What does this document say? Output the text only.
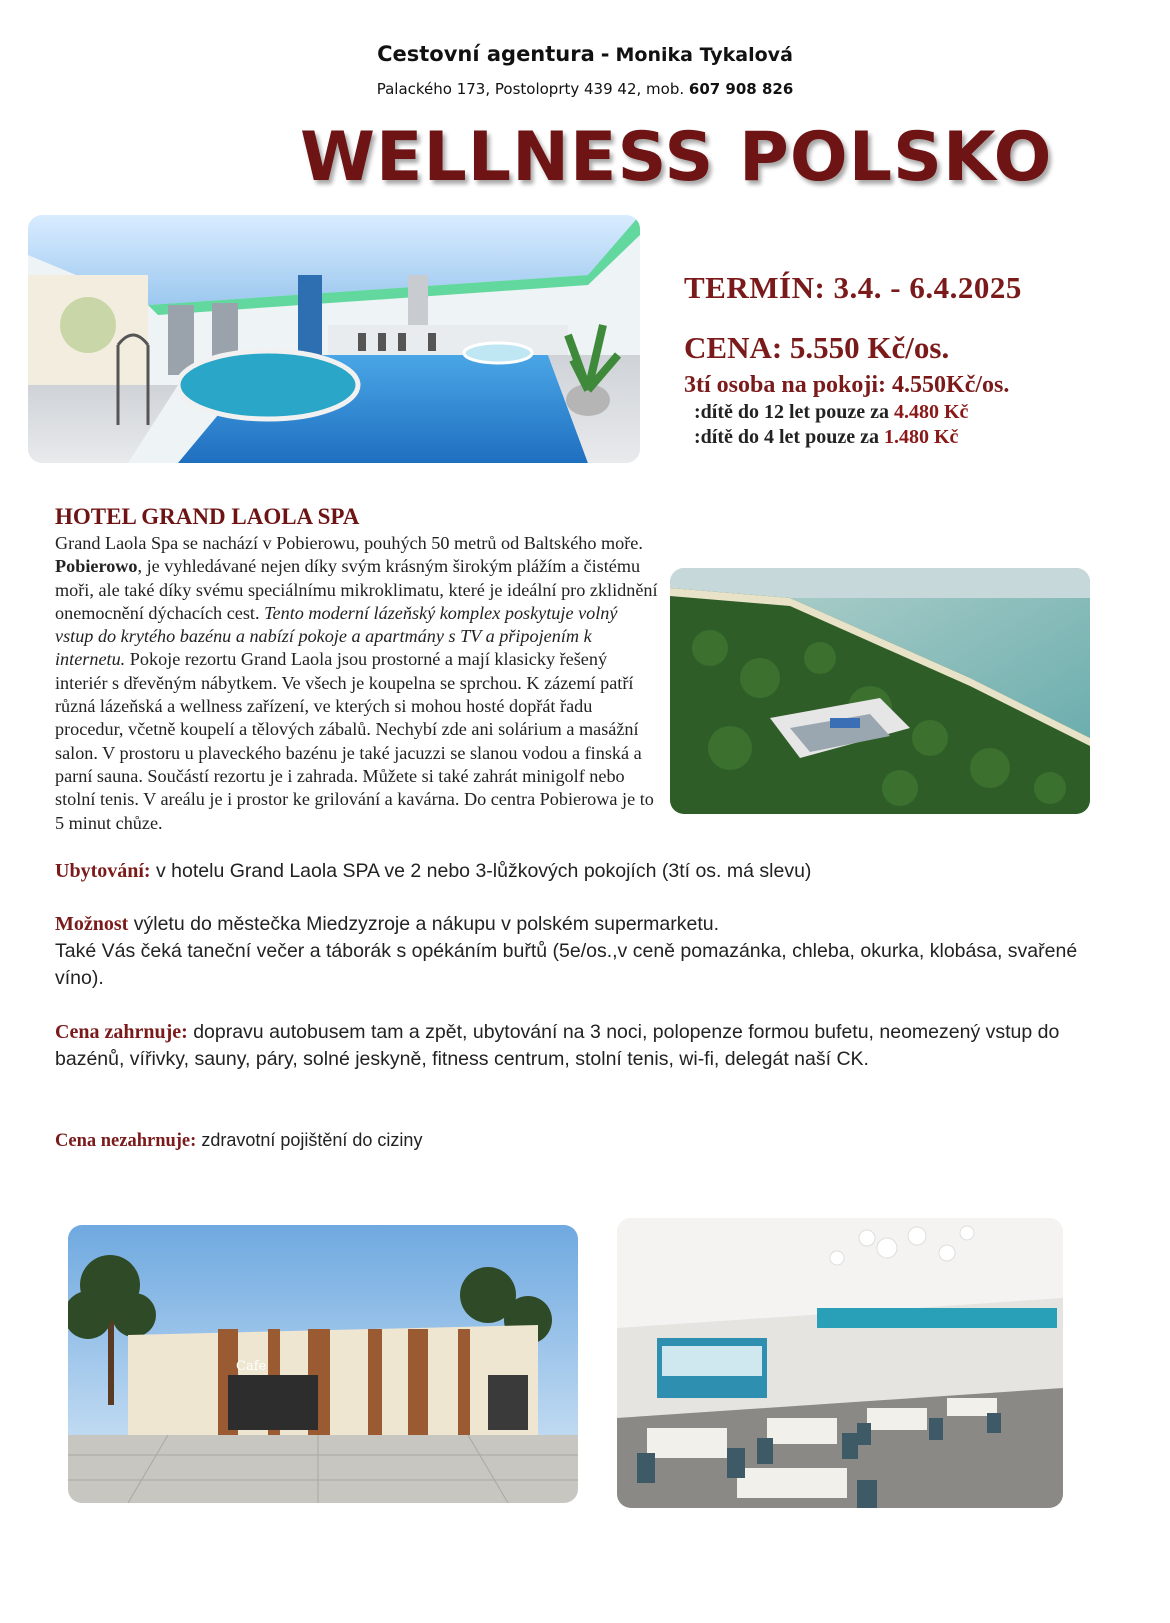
Cestovní agentura - Monika Tykalová
Palackého 173, Postoloprty 439 42, mob. 607 908 826
WELLNESS POLSKO
TERMÍN: 3.4. - 6.4.2025
CENA: 5.550 Kč/os.
3tí osoba na pokoji: 4.550Kč/os.
:dítě do 12 let pouze za 4.480 Kč
:dítě do 4 let pouze za 1.480 Kč
HOTEL GRAND LAOLA SPA
Grand Laola Spa se nachází v Pobierowu, pouhých 50 metrů od Baltského moře. Pobierowo, je vyhledávané nejen díky svým krásným širokým plážím a čistému moři, ale také díky svému speciálnímu mikroklimatu, které je ideální pro zklidnění onemocnění dýchacích cest. Tento moderní lázeňský komplex poskytuje volný vstup do krytého bazénu a nabízí pokoje a apartmány s TV a připojením k internetu. Pokoje rezortu Grand Laola jsou prostorné a mají klasicky řešený interiér s dřevěným nábytkem. Ve všech je koupelna se sprchou. K zázemí patří různá lázeňská a wellness zařízení, ve kterých si mohou hosté dopřát řadu procedur, včetně koupelí a tělových zábalů. Nechybí zde ani solárium a masážní salon. V prostoru u plaveckého bazénu je také jacuzzi se slanou vodou a finská a parní sauna. Součástí rezortu je i zahrada. Můžete si také zahrát minigolf nebo stolní tenis. V areálu je i prostor ke grilování a kavárna. Do centra Pobierowa je to 5 minut chůze.
Ubytování: v hotelu Grand Laola SPA ve 2 nebo 3-lůžkových pokojích (3tí os. má slevu)
Možnost výletu do městečka Miedzyzroje a nákupu v polském supermarketu.
Také Vás čeká taneční večer a táborák s opékáním buřtů (5e/os.,v ceně pomazánka, chleba, okurka, klobása, svařené víno).
Cena zahrnuje: dopravu autobusem tam a zpět, ubytování na 3 noci, polopenze formou bufetu, neomezený vstup do bazénů, vířivky, sauny, páry, solné jeskyně, fitness centrum, stolní tenis, wi-fi, delegát naší CK.
Cena nezahrnuje: zdravotní pojištění do ciziny
Cafe
